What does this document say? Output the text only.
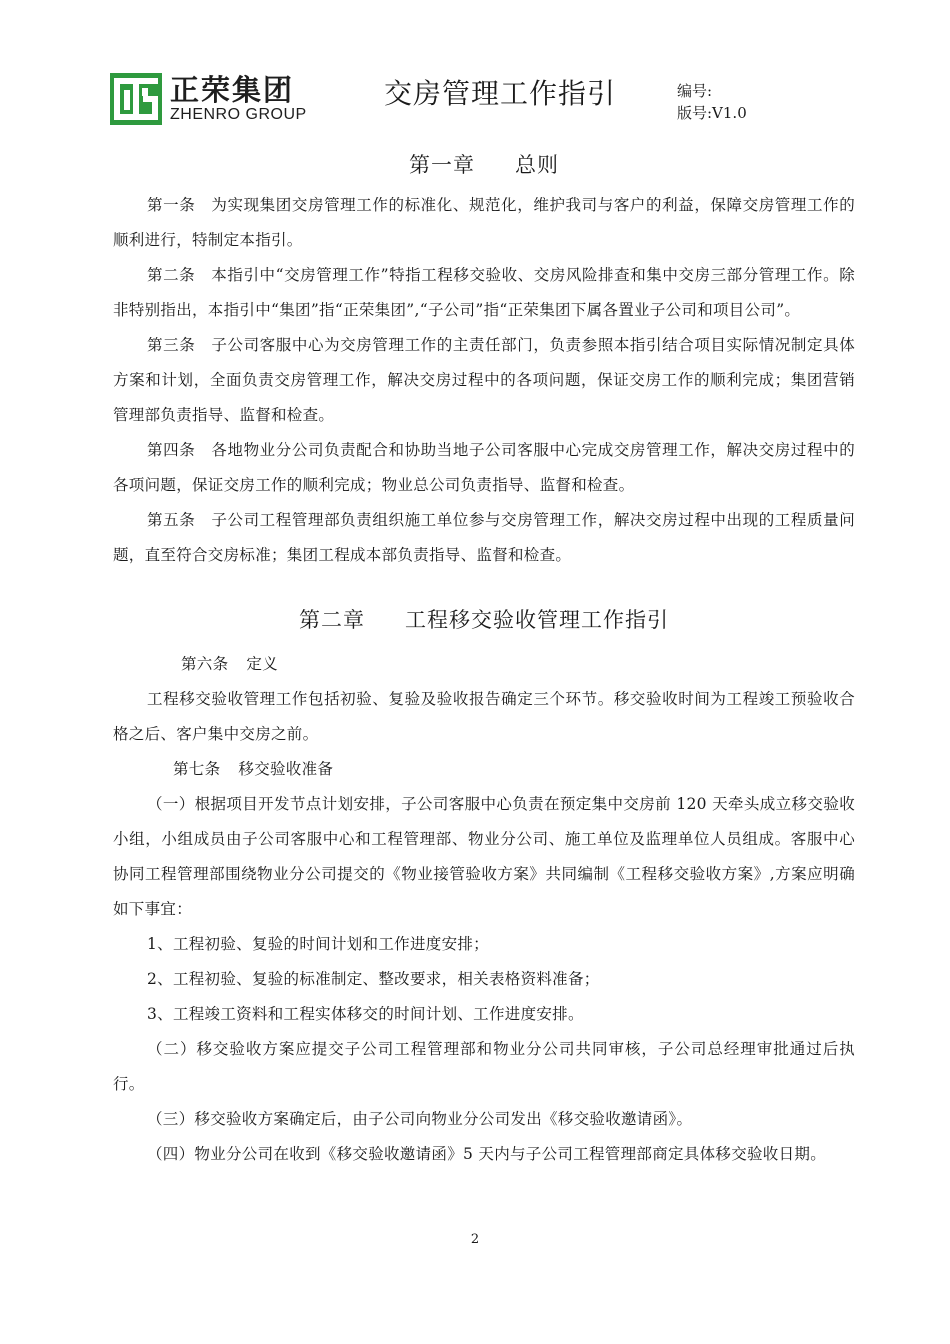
正荣集团
ZHENRO GROUP
交房管理工作指引	编号:
版号:V1.0
第一章 总则

第一条　为实现集团交房管理工作的标准化、规范化，维护我司与客户的利益，保障交房管理工作的顺利进行，特制定本指引。

第二条　本指引中“交房管理工作”特指工程移交验收、交房风险排查和集中交房三部分管理工作。除非特别指出，本指引中“集团”指“正荣集团”,“子公司”指“正荣集团下属各置业子公司和项目公司”。

第三条　子公司客服中心为交房管理工作的主责任部门，负责参照本指引结合项目实际情况制定具体方案和计划，全面负责交房管理工作，解决交房过程中的各项问题，保证交房工作的顺利完成；集团营销管理部负责指导、监督和检查。

第四条　各地物业分公司负责配合和协助当地子公司客服中心完成交房管理工作，解决交房过程中的各项问题，保证交房工作的顺利完成；物业总公司负责指导、监督和检查。

第五条　子公司工程管理部负责组织施工单位参与交房管理工作，解决交房过程中出现的工程质量问题，直至符合交房标准；集团工程成本部负责指导、监督和检查。

第二章 工程移交验收管理工作指引

第六条 定义

工程移交验收管理工作包括初验、复验及验收报告确定三个环节。移交验收时间为工程竣工预验收合格之后、客户集中交房之前。

第七条 移交验收准备

（一）根据项目开发节点计划安排，子公司客服中心负责在预定集中交房前 120 天牵头成立移交验收小组，小组成员由子公司客服中心和工程管理部、物业分公司、施工单位及监理单位人员组成。客服中心协同工程管理部围绕物业分公司提交的《物业接管验收方案》共同编制《工程移交验收方案》,方案应明确如下事宜：

1、工程初验、复验的时间计划和工作进度安排；

2、工程初验、复验的标准制定、整改要求，相关表格资料准备；

3、工程竣工资料和工程实体移交的时间计划、工作进度安排。

（二）移交验收方案应提交子公司工程管理部和物业分公司共同审核，子公司总经理审批通过后执行。

（三）移交验收方案确定后，由子公司向物业分公司发出《移交验收邀请函》。

（四）物业分公司在收到《移交验收邀请函》5 天内与子公司工程管理部商定具体移交验收日期。

2
